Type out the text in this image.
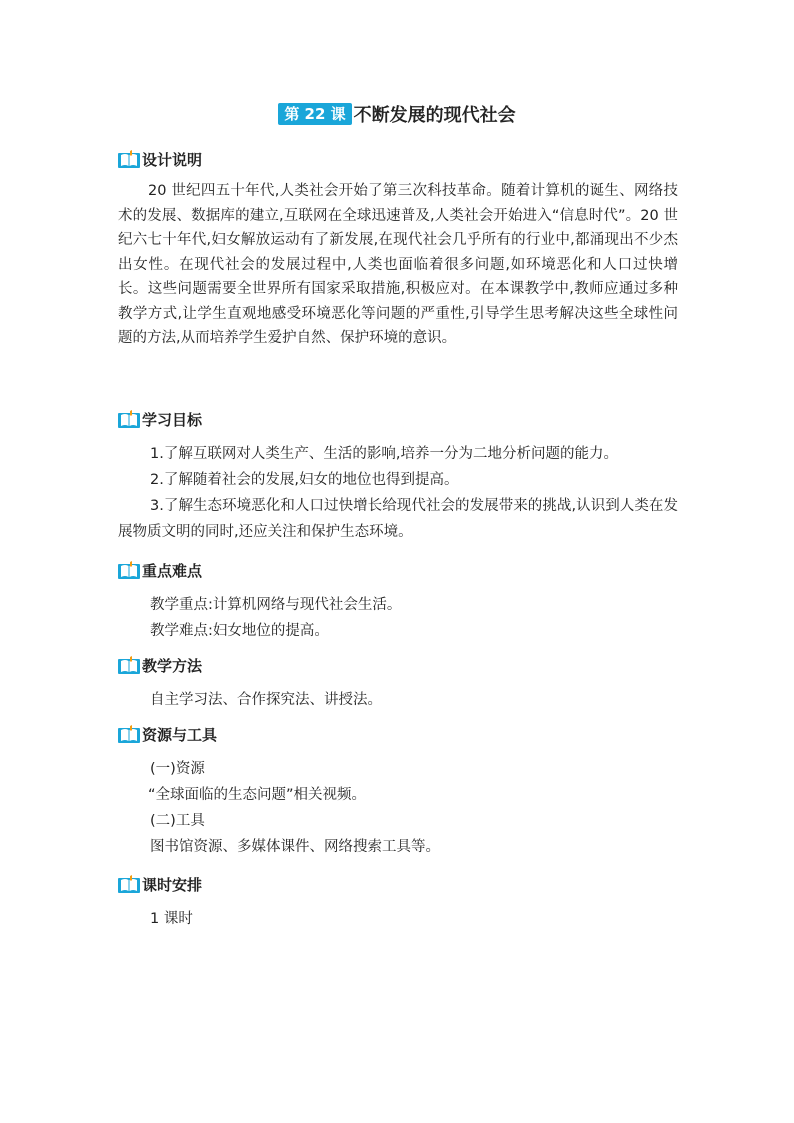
第 22 课 不断发展的现代社会
设计说明

20 世纪四五十年代,人类社会开始了第三次科技革命。随着计算机的诞生、网络技术的发展、数据库的建立,互联网在全球迅速普及,人类社会开始进入“信息时代”。20 世纪六七十年代,妇女解放运动有了新发展,在现代社会几乎所有的行业中,都涌现出不少杰出女性。在现代社会的发展过程中,人类也面临着很多问题,如环境恶化和人口过快增长。这些问题需要全世界所有国家采取措施,积极应对。在本课教学中,教师应通过多种教学方式,让学生直观地感受环境恶化等问题的严重性,引导学生思考解决这些全球性问题的方法,从而培养学生爱护自然、保护环境的意识。

学习目标

1.了解互联网对人类生产、生活的影响,培养一分为二地分析问题的能力。

2.了解随着社会的发展,妇女的地位也得到提高。

3.了解生态环境恶化和人口过快增长给现代社会的发展带来的挑战,认识到人类在发展物质文明的同时,还应关注和保护生态环境。

重点难点

教学重点:计算机网络与现代社会生活。

教学难点:妇女地位的提高。

教学方法

自主学习法、合作探究法、讲授法。

资源与工具

(一)资源

“全球面临的生态问题”相关视频。

(二)工具

图书馆资源、多媒体课件、网络搜索工具等。

课时安排

1 课时
